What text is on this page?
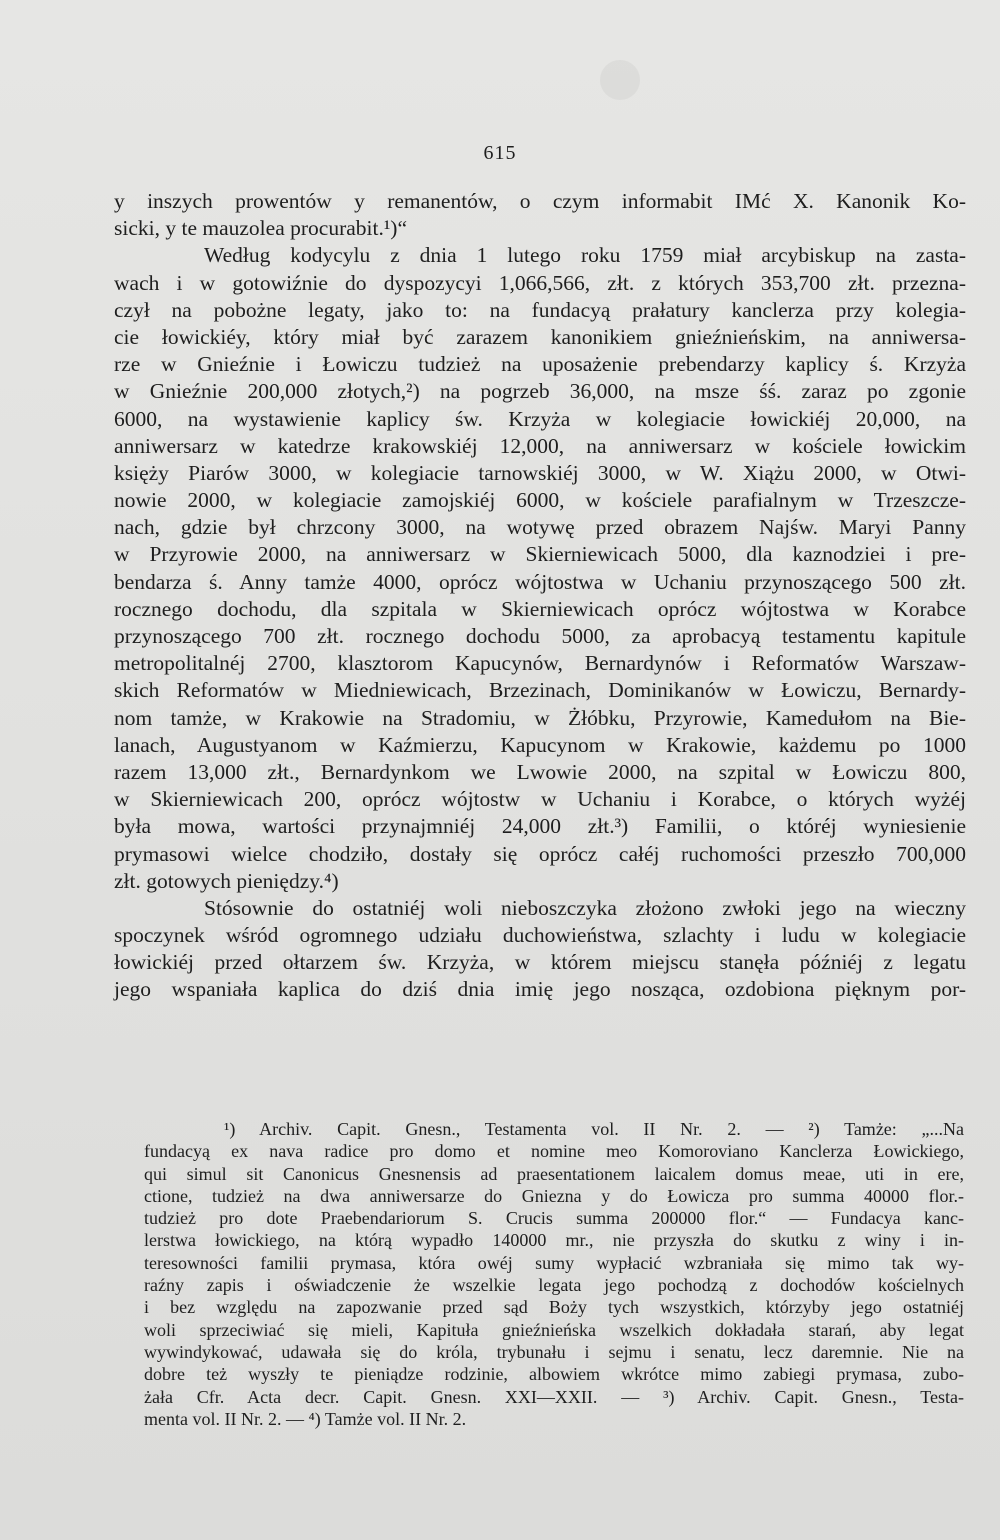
615
y inszych prowentów y remanentów, o czym informabit IMć X. Kanonik Ko-
sicki, y te mauzolea procurabit.¹)“
Według kodycylu z dnia 1 lutego roku 1759 miał arcybiskup na zasta-
wach i w gotowiźnie do dyspozycyi 1,066,566, złt. z których 353,700 złt. przezna-
czył na pobożne legaty, jako to: na fundacyą prałatury kanclerza przy kolegia-
cie łowickiéy, który miał być zarazem kanonikiem gnieźnieńskim, na anniwersa-
rze w Gnieźnie i Łowiczu tudzież na uposażenie prebendarzy kaplicy ś. Krzyża
w Gnieźnie 200,000 złotych,²) na pogrzeb 36,000, na msze śś. zaraz po zgonie
6000, na wystawienie kaplicy św. Krzyża w kolegiacie łowickiéj 20,000, na
anniwersarz w katedrze krakowskiéj 12,000, na anniwersarz w kościele łowickim
księży Piarów 3000, w kolegiacie tarnowskiéj 3000, w W. Xiążu 2000, w Otwi-
nowie 2000, w kolegiacie zamojskiéj 6000, w kościele parafialnym w Trzeszcze-
nach, gdzie był chrzcony 3000, na wotywę przed obrazem Najśw. Maryi Panny
w Przyrowie 2000, na anniwersarz w Skierniewicach 5000, dla kaznodziei i pre-
bendarza ś. Anny tamże 4000, oprócz wójtostwa w Uchaniu przynoszącego 500 złt.
rocznego dochodu, dla szpitala w Skierniewicach oprócz wójtostwa w Korabce
przynoszącego 700 złt. rocznego dochodu 5000, za aprobacyą testamentu kapitule
metropolitalnéj 2700, klasztorom Kapucynów, Bernardynów i Reformatów Warszaw-
skich Reformatów w Miedniewicach, Brzezinach, Dominikanów w Łowiczu, Bernardy-
nom tamże, w Krakowie na Stradomiu, w Żłóbku, Przyrowie, Kamedułom na Bie-
lanach, Augustyanom w Kaźmierzu, Kapucynom w Krakowie, każdemu po 1000
razem 13,000 złt., Bernardynkom we Lwowie 2000, na szpital w Łowiczu 800,
w Skierniewicach 200, oprócz wójtostw w Uchaniu i Korabce, o których wyżéj
była mowa, wartości przynajmniéj 24,000 złt.³) Familii, o któréj wyniesienie
prymasowi wielce chodziło, dostały się oprócz całéj ruchomości przeszło 700,000
złt. gotowych pieniędzy.⁴)
Stósownie do ostatniéj woli nieboszczyka złożono zwłoki jego na wieczny
spoczynek wśród ogromnego udziału duchowieństwa, szlachty i ludu w kolegiacie
łowickiéj przed ołtarzem św. Krzyża, w którem miejscu stanęła późniéj z legatu
jego wspaniała kaplica do dziś dnia imię jego nosząca, ozdobiona pięknym por-
¹) Archiv. Capit. Gnesn., Testamenta vol. II Nr. 2. — ²) Tamże: „...Na
fundacyą ex nava radice pro domo et nomine meo Komoroviano Kanclerza Łowickiego,
qui simul sit Canonicus Gnesnensis ad praesentationem laicalem domus meae, uti in ere,
ctione, tudzież na dwa anniwersarze do Gniezna y do Łowicza pro summa 40000 flor.-
tudzież pro dote Praebendariorum S. Crucis summa 200000 flor.“ — Fundacya kanc-
lerstwa łowickiego, na którą wypadło 140000 mr., nie przyszła do skutku z winy i in-
teresowności familii prymasa, która owéj sumy wypłacić wzbraniała się mimo tak wy-
raźny zapis i oświadczenie że wszelkie legata jego pochodzą z dochodów kościelnych
i bez względu na zapozwanie przed sąd Boży tych wszystkich, którzyby jego ostatniéj
woli sprzeciwiać się mieli, Kapituła gnieźnieńska wszelkich dokładała starań, aby legat
wywindykować, udawała się do króla, trybunału i sejmu i senatu, lecz daremnie. Nie na
dobre też wyszły te pieniądze rodzinie, albowiem wkrótce mimo zabiegi prymasa, zubo-
żała Cfr. Acta decr. Capit. Gnesn. XXI—XXII. — ³) Archiv. Capit. Gnesn., Testa-
menta vol. II Nr. 2. — ⁴) Tamże vol. II Nr. 2.
